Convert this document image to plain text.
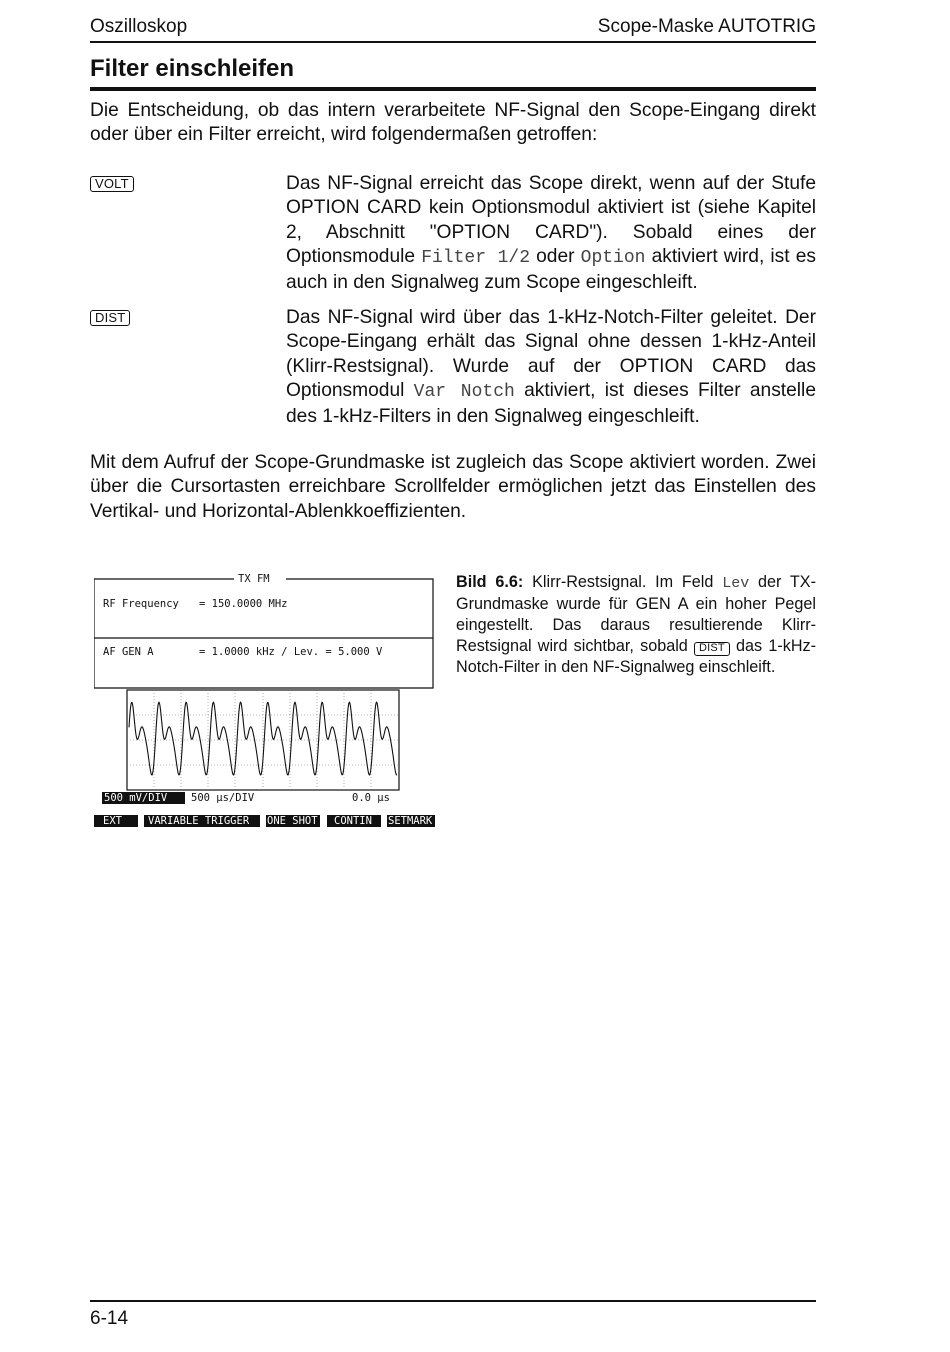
Oszilloskop	Scope-Maske AUTOTRIG
Filter einschleifen
Die Entscheidung, ob das intern verarbeitete NF-Signal den Scope-Eingang direkt oder über ein Filter erreicht, wird folgendermaßen getroffen:
VOLT	Das NF-Signal erreicht das Scope direkt, wenn auf der Stufe OPTION CARD kein Optionsmodul aktiviert ist (siehe Kapitel 2, Abschnitt "OPTION CARD"). Sobald eines der Optionsmodule Filter 1/2 oder Option aktiviert wird, ist es auch in den Signalweg zum Scope eingeschleift.
DIST	Das NF-Signal wird über das 1-kHz-Notch-Filter geleitet. Der Scope-Eingang erhält das Signal ohne dessen 1-kHz-Anteil (Klirr-Restsignal). Wurde auf der OPTION CARD das Optionsmodul Var Notch aktiviert, ist dieses Filter anstelle des 1-kHz-Filters in den Signalweg eingeschleift.
Mit dem Aufruf der Scope-Grundmaske ist zugleich das Scope aktiviert worden. Zwei über die Cursortasten erreichbare Scrollfelder ermöglichen jetzt das Einstellen des Vertikal- und Horizontal-Ablenkkoeffizienten.
TX FM
RF Frequency = 150.0000 MHz
AF GEN A	= 1.0000 kHz / Lev. = 5.000 V
500 mV/DIV 500 µs/DIV	0.0 µs
EXT VARIABLE TRIGGER ONE SHOT CONTIN SETMARK
Bild 6.6: Klirr-Restsignal. Im Feld Lev der TX-Grundmaske wurde für GEN A ein hoher Pegel eingestellt. Das daraus resultierende Klirr-Restsignal wird sichtbar, sobald DIST das 1-kHz-Notch-Filter in den NF-Signalweg einschleift.
6-14
